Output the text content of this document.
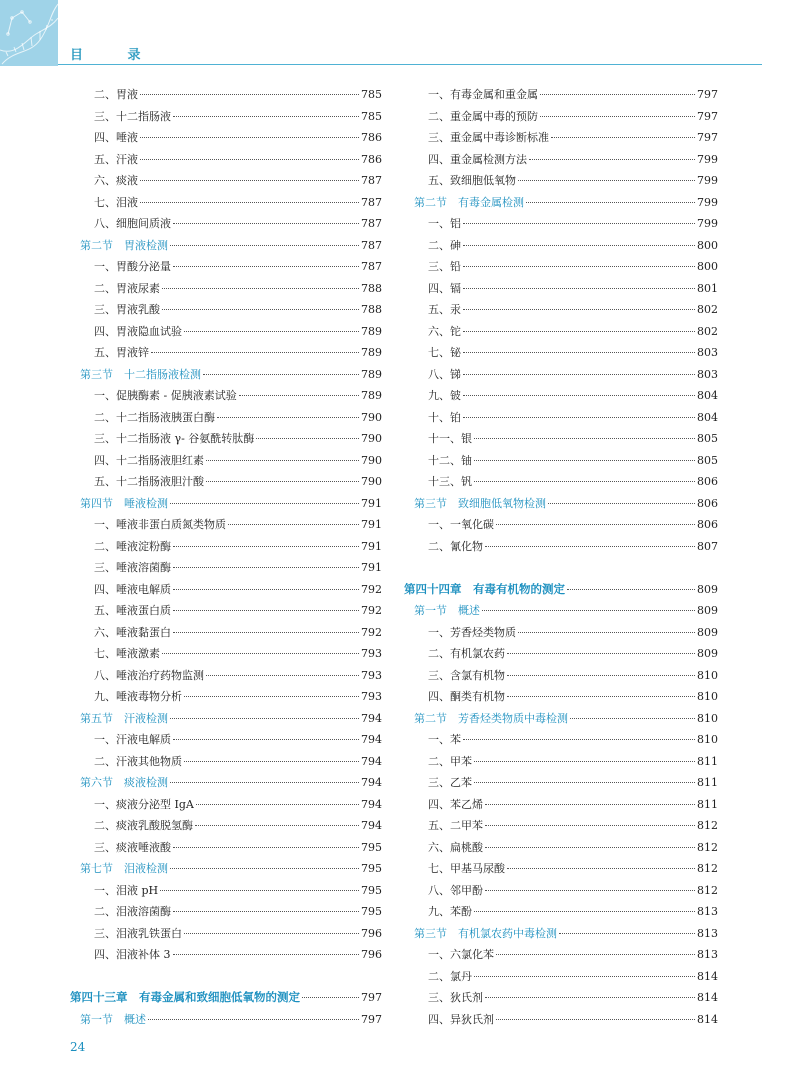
目 录
二、胃液	785
三、十二指肠液	785
四、唾液	786
五、汗液	786
六、痰液	787
七、泪液	787
八、细胞间质液	787
第二节　胃液检测	787
一、胃酸分泌量	787
二、胃液尿素	788
三、胃液乳酸	788
四、胃液隐血试验	789
五、胃液锌	789
第三节　十二指肠液检测	789
一、促胰酶素 - 促胰液素试验	789
二、十二指肠液胰蛋白酶	790
三、十二指肠液 γ- 谷氨酰转肽酶	790
四、十二指肠液胆红素	790
五、十二指肠液胆汁酸	790
第四节　唾液检测	791
一、唾液非蛋白质氮类物质	791
二、唾液淀粉酶	791
三、唾液溶菌酶	791
四、唾液电解质	792
五、唾液蛋白质	792
六、唾液黏蛋白	792
七、唾液激素	793
八、唾液治疗药物监测	793
九、唾液毒物分析	793
第五节　汗液检测	794
一、汗液电解质	794
二、汗液其他物质	794
第六节　痰液检测	794
一、痰液分泌型 IgA	794
二、痰液乳酸脱氢酶	794
三、痰液唾液酸	795
第七节　泪液检测	795
一、泪液 pH	795
二、泪液溶菌酶	795
三、泪液乳铁蛋白	796
四、泪液补体 3	796
第四十三章　有毒金属和致细胞低氧物的测定	797
第一节　概述	797
一、有毒金属和重金属	797
二、重金属中毒的预防	797
三、重金属中毒诊断标准	797
四、重金属检测方法	799
五、致细胞低氧物	799
第二节　有毒金属检测	799
一、铝	799
二、砷	800
三、铅	800
四、镉	801
五、汞	802
六、铊	802
七、铋	803
八、锑	803
九、铍	804
十、铂	804
十一、银	805
十二、铀	805
十三、钒	806
第三节　致细胞低氧物检测	806
一、一氧化碳	806
二、氰化物	807
第四十四章　有毒有机物的测定	809
第一节　概述	809
一、芳香烃类物质	809
二、有机氯农药	809
三、含氯有机物	810
四、酮类有机物	810
第二节　芳香烃类物质中毒检测	810
一、苯	810
二、甲苯	811
三、乙苯	811
四、苯乙烯	811
五、二甲苯	812
六、扁桃酸	812
七、甲基马尿酸	812
八、邻甲酚	812
九、苯酚	813
第三节　有机氯农药中毒检测	813
一、六氯化苯	813
二、氯丹	814
三、狄氏剂	814
四、异狄氏剂	814
24
